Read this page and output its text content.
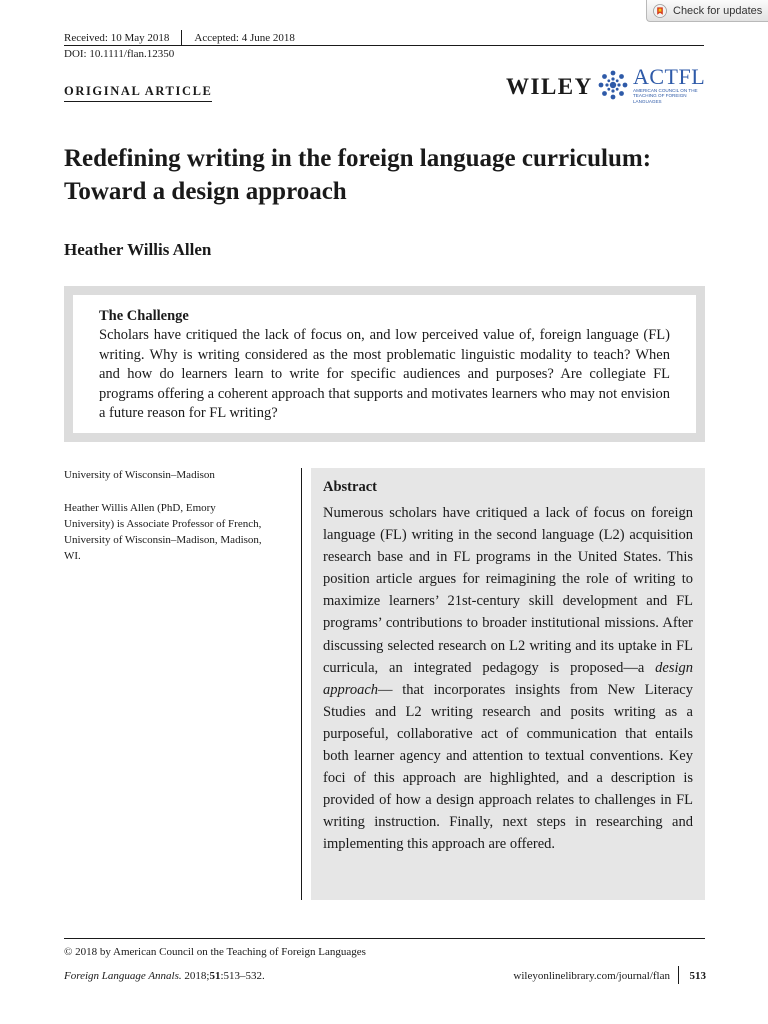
Check for updates
Received: 10 May 2018 Accepted: 4 June 2018
DOI: 10.1111/flan.12350
ORIGINAL ARTICLE	WILEY ACTFL
AMERICAN COUNCIL ON THE TEACHING OF FOREIGN LANGUAGES
Redefining writing in the foreign language curriculum: Toward a design approach
Heather Willis Allen
The Challenge
Scholars have critiqued the lack of focus on, and low perceived value of, foreign language (FL) writing. Why is writing considered as the most problematic linguistic modality to teach? When and how do learners learn to write for specific audiences and purposes? Are collegiate FL programs offering a coherent approach that supports and motivates learners who may not envision a future reason for FL writing?
University of Wisconsin–Madison
Heather Willis Allen (PhD, Emory University) is Associate Professor of French, University of Wisconsin–Madison, Madison, WI.
Abstract
Numerous scholars have critiqued a lack of focus on foreign language (FL) writing in the second language (L2) acquisition research base and in FL programs in the United States. This position article argues for reimagining the role of writing to maximize learners’ 21st-century skill development and FL programs’ contributions to broader institutional missions. After discussing selected research on L2 writing and its uptake in FL curricula, an integrated pedagogy is proposed—a design approach— that incorporates insights from New Literacy Studies and L2 writing research and posits writing as a purposeful, collaborative act of communication that entails both learner agency and attention to textual conventions. Key foci of this approach are highlighted, and a description is provided of how a design approach relates to challenges in FL writing instruction. Finally, next steps in researching and implementing this approach are offered.
© 2018 by American Council on the Teaching of Foreign Languages
Foreign Language Annals. 2018;51:513–532.	wileyonlinelibrary.com/journal/flan	513
